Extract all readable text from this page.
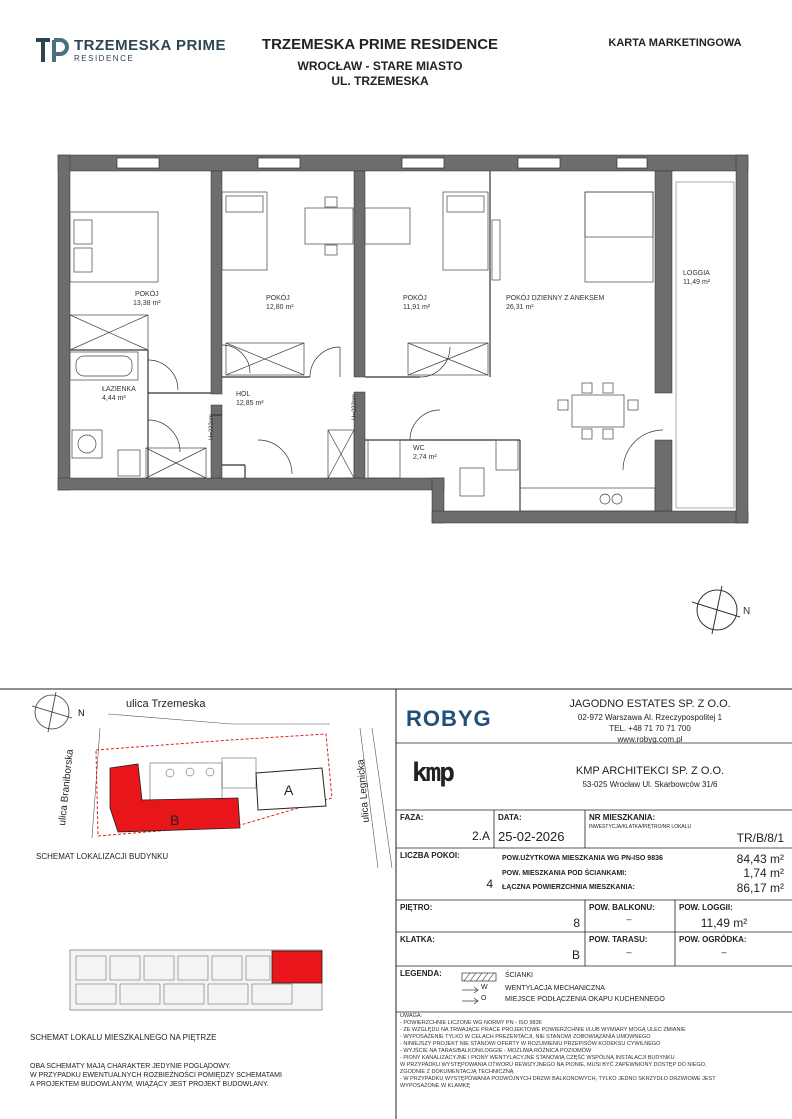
TRZEMESKA PRIME
RESIDENCE
TRZEMESKA PRIME RESIDENCE
WROCŁAW - STARE MIASTO
UL. TRZEMESKA
KARTA MARKETINGOWA
N
POKÓJ
13,38 m²
POKÓJ
12,80 m²
POKÓJ
11,91 m²
POKÓJ DZIENNY Z ANEKSEM
26,31 m²
LOGGIA
11,49 m²
ŁAZIENKA
4,44 m²
HOL
12,85 m²
WC
2,74 m²
H=222cm
H=222cm
N
ulica Trzemeska
ulica Braniborska	ulica Legnicka
A
B
SCHEMAT LOKALIZACJI BUDYNKU
SCHEMAT LOKALU MIESZKALNEGO NA PIĘTRZE
OBA SCHEMATY MAJĄ CHARAKTER JEDYNIE POGLĄDOWY.
W PRZYPADKU EWENTUALNYCH ROZBIEŻNOŚCI POMIĘDZY SCHEMATAMI
A PROJEKTEM BUDOWLANYM, WIĄŻĄCY JEST PROJEKT BUDOWLANY.
ROBYG
JAGODNO ESTATES SP. Z O.O.
02-972 Warszawa Al. Rzeczypospolitej 1
TEL. +48 71 70 71 700
www.robyg.com.pl
kmp	KMP ARCHITEKCI SP. Z O.O.
53-025 Wrocław Ul. Skarbowców 31/6
FAZA:
2.A
DATA:
25-02-2026
NR MIESZKANIA:
INWESTYCJA/KLATKA/PIĘTRO/NR LOKALU
TR/B/8/1
LICZBA POKOI:
4
POW.UŻYTKOWA MIESZKANIA WG PN-ISO 9836	84,43 m²
POW. MIESZKANIA POD ŚCIANKAMI:	1,74 m²
ŁĄCZNA POWIERZCHNIA MIESZKANIA:	86,17 m²
PIĘTRO:
8
POW. BALKONU:
–
POW. LOGGII:
11,49 m²
KLATKA:
B
POW. TARASU:
–
POW. OGRÓDKA:
–
LEGENDA:	ŚCIANKI
W WENTYLACJA MECHANICZNA
O	MIEJSCE PODŁĄCZENIA OKAPU KUCHENNEGO
UWAGA:
- POWIERZCHNIE LICZONE WG NORMY PN - ISO 9836
- ZE WZGLĘDU NA TRWAJĄCE PRACE PROJEKTOWE POWIERZCHNIE I/LUB WYMIARY MOGĄ ULEC ZMIANIE
- WYPOSAŻENIE TYLKO W CELACH PREZENTACJI, NIE STANOWI ZOBOWIĄZANIA UMOWNEGO
- NINIEJSZY PROJEKT NIE STANOWI OFERTY W ROZUMIENIU PRZEPISÓW KODEKSU CYWILNEGO
- WYJŚCIE NA TARAS/BALKON/LOGGIE - MOŻLIWA RÓŻNICA POZIOMÓW
- PIONY KANALIZACYJNE I PIONY WENTYLACYJNE STANOWIĄ CZĘŚĆ WSPÓLNĄ INSTALACJI BUDYNKU
W PRZYPADKU WYSTĘPOWANIA OTWORU REWIZYJNEGO NA PIONIE, MUSI BYĆ ZAPEWNIONY DOSTĘP DO NIEGO,
ZGODNIE Z DOKUMENTACJĄ TECHNICZNĄ
- W PRZYPADKU WYSTĘPOWANIA PODWÓJNYCH DRZWI BALKONOWYCH, TYLKO JEDNO SKRZYDŁO DRZWIOWE JEST
WYPOSAŻONE W KLAMKĘ
